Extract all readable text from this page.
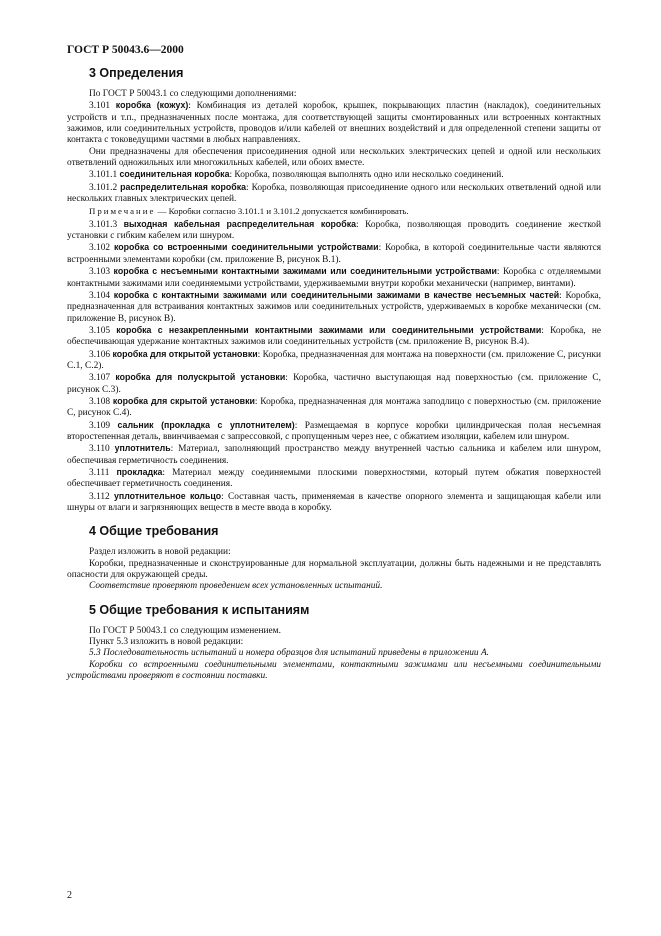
ГОСТ Р 50043.6—2000
3 Определения

По ГОСТ Р 50043.1 со следующими дополнениями:

3.101 коробка (кожух): Комбинация из деталей коробок, крышек, покрывающих пластин (накладок), соединительных устройств и т.п., предназначенных после монтажа, для соответствующей защиты смонтированных или встроенных контактных зажимов, или соединительных устройств, проводов и/или кабелей от внешних воздействий и для определенной степени защиты от контакта с токоведущими частями в любых направлениях.

Они предназначены для обеспечения присоединения одной или нескольких электрических цепей и одной или нескольких ответвлений одножильных или многожильных кабелей, или обоих вместе.

3.101.1 соединительная коробка: Коробка, позволяющая выполнять одно или несколько соединений.

3.101.2 распределительная коробка: Коробка, позволяющая присоединение одного или нескольких ответвлений одной или нескольких главных электрических цепей.

Примечание — Коробки согласно 3.101.1 и 3.101.2 допускается комбинировать.

3.101.3 выходная кабельная распределительная коробка: Коробка, позволяющая проводить соединение жесткой установки с гибким кабелем или шнуром.

3.102 коробка со встроенными соединительными устройствами: Коробка, в которой соединительные части являются встроенными элементами коробки (см. приложение В, рисунок В.1).

3.103 коробка с несъемными контактными зажимами или соединительными устройствами: Коробка с отделяемыми контактными зажимами или соединяемыми устройствами, удерживаемыми внутри коробки механически (например, винтами).

3.104 коробка с контактными зажимами или соединительными зажимами в качестве несъемных частей: Коробка, предназначенная для встраивания контактных зажимов или соединительных устройств, удерживаемых в коробке механически (см. приложение В, рисунок В).

3.105 коробка с незакрепленными контактными зажимами или соединительными устройствами: Коробка, не обеспечивающая удержание контактных зажимов или соединительных устройств (см. приложение В, рисунок В.4).

3.106 коробка для открытой установки: Коробка, предназначенная для монтажа на поверхности (см. приложение С, рисунки С.1, С.2).

3.107 коробка для полускрытой установки: Коробка, частично выступающая над поверхностью (см. приложение С, рисунок С.3).

3.108 коробка для скрытой установки: Коробка, предназначенная для монтажа заподлицо с поверхностью (см. приложение С, рисунок С.4).

3.109 сальник (прокладка с уплотнителем): Размещаемая в корпусе коробки цилиндрическая полая несъемная второстепенная деталь, ввинчиваемая с запрессовкой, с пропущенным через нее, с обжатием изоляции, кабелем или шнуром.

3.110 уплотнитель: Материал, заполняющий пространство между внутренней частью сальника и кабелем или шнуром, обеспечивая герметичность соединения.

3.111 прокладка: Материал между соединяемыми плоскими поверхностями, который путем обжатия поверхностей обеспечивает герметичность соединения.

3.112 уплотнительное кольцо: Составная часть, применяемая в качестве опорного элемента и защищающая кабели или шнуры от влаги и загрязняющих веществ в месте ввода в коробку.

4 Общие требования

Раздел изложить в новой редакции:

Коробки, предназначенные и сконструированные для нормальной эксплуатации, должны быть надежными и не представлять опасности для окружающей среды.

Соответствие проверяют проведением всех установленных испытаний.

5 Общие требования к испытаниям

По ГОСТ Р 50043.1 со следующим изменением.

Пункт 5.3 изложить в новой редакции:

5.3 Последовательность испытаний и номера образцов для испытаний приведены в приложении А.

Коробки со встроенными соединительными элементами, контактными зажимами или несъемными соединительными устройствами проверяют в состоянии поставки.

2
